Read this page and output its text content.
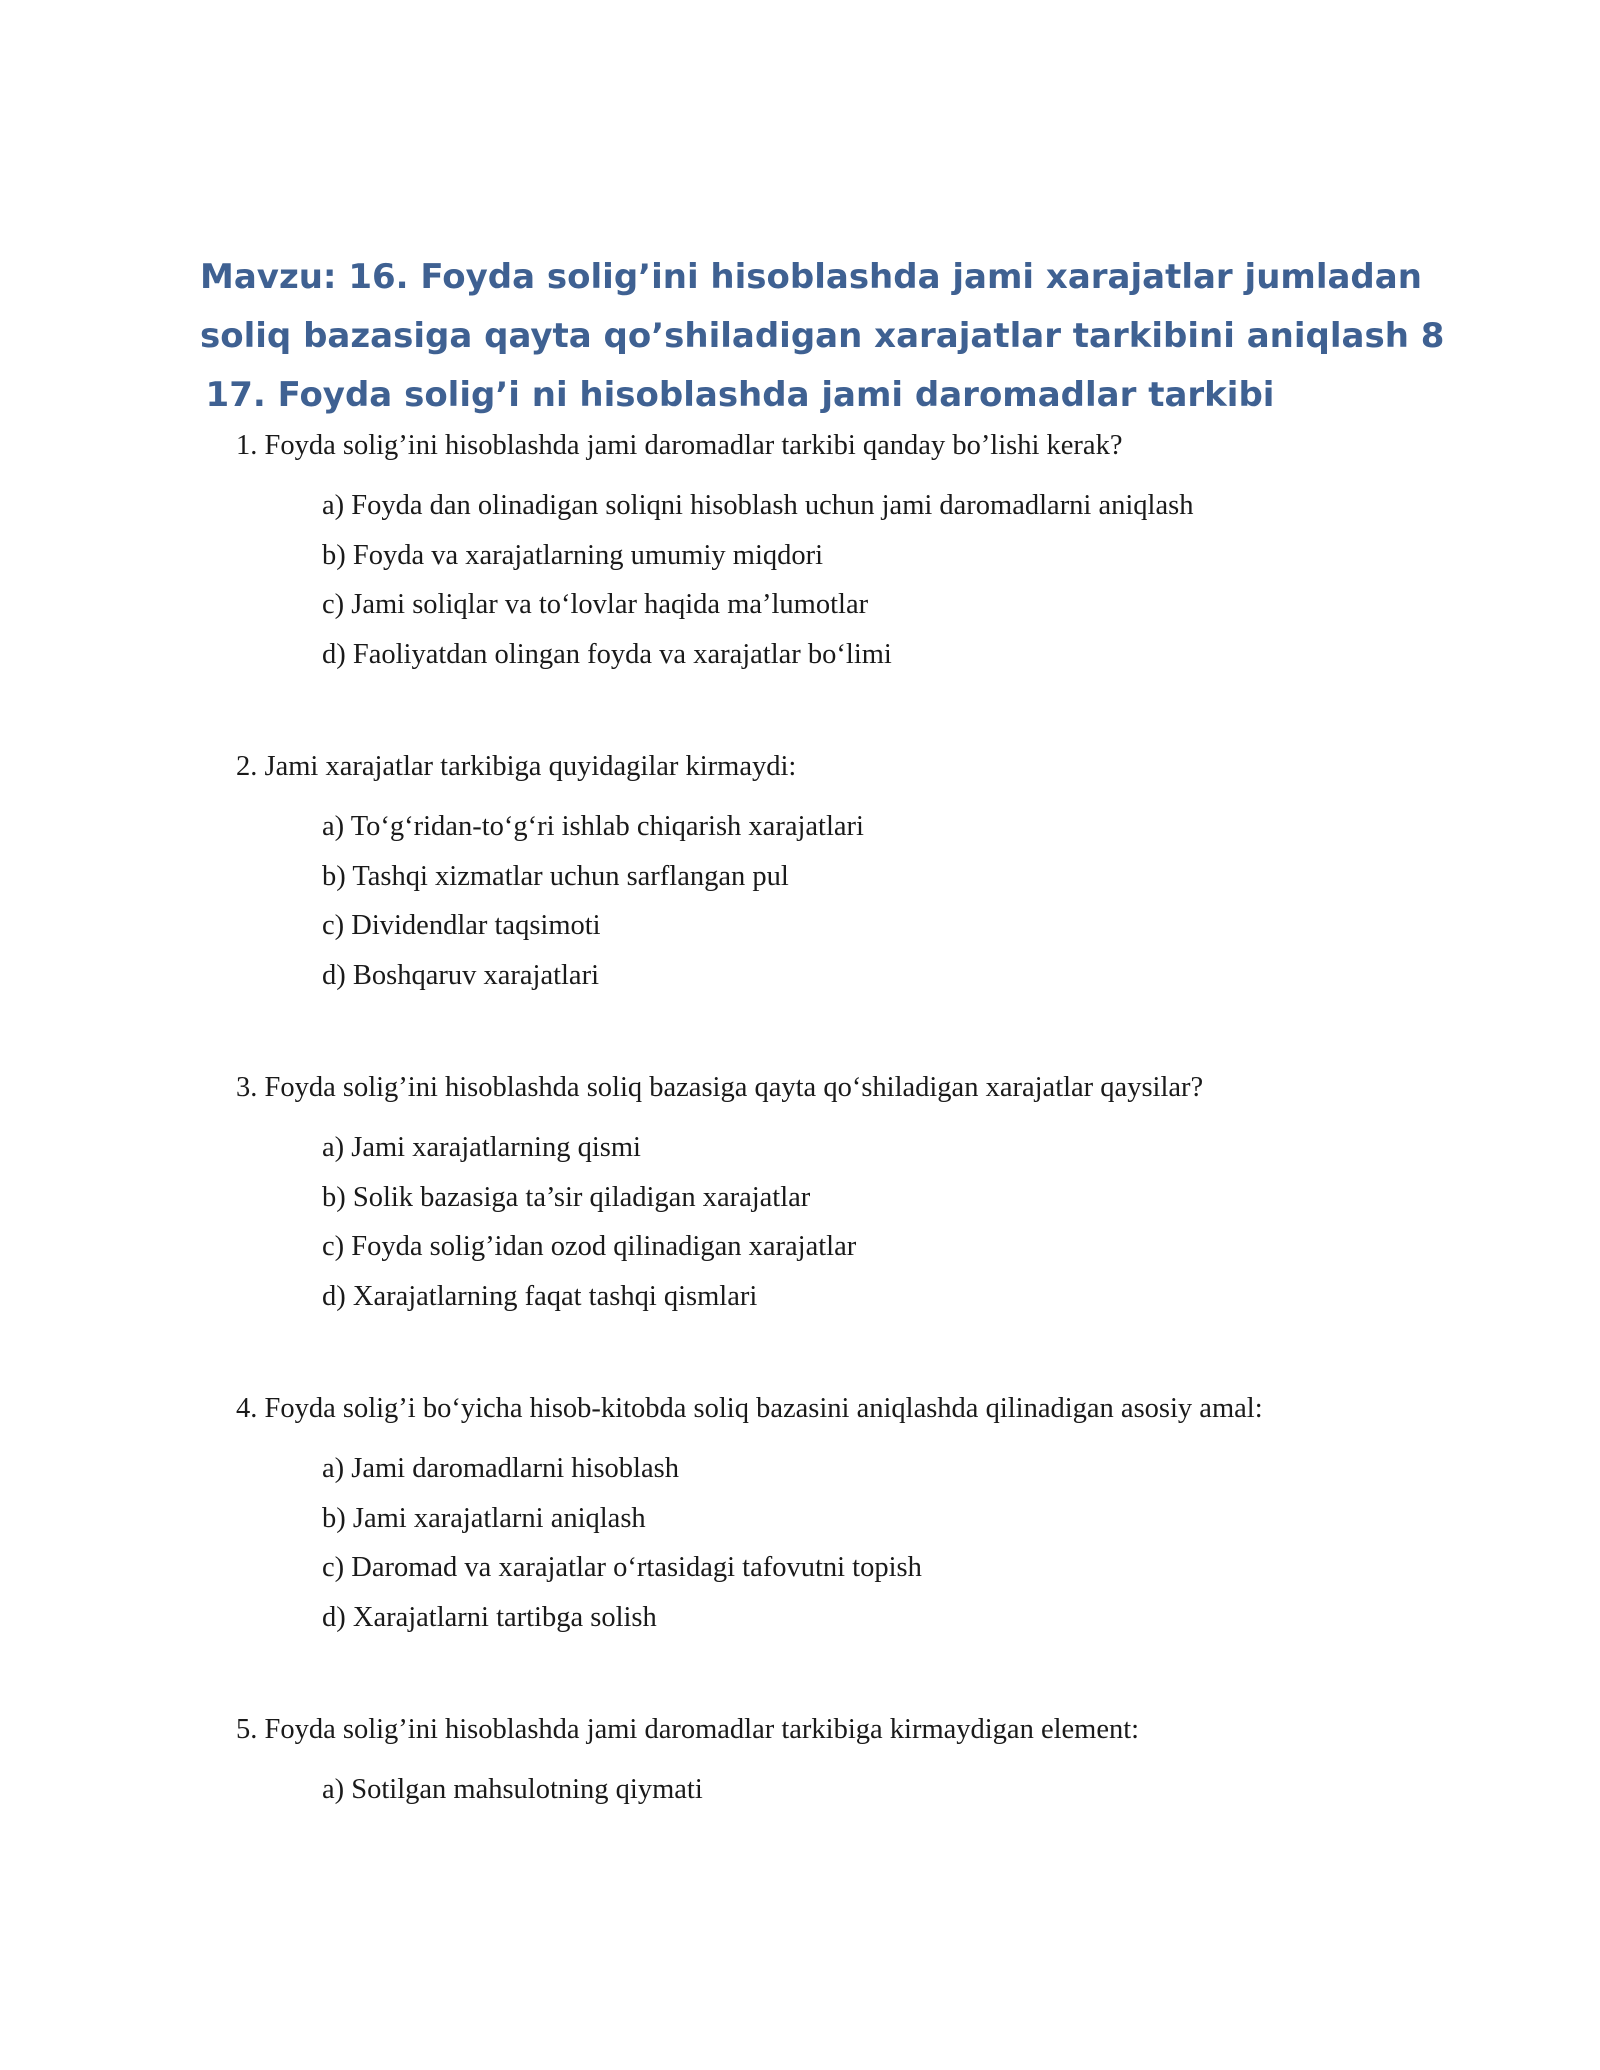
Mavzu: 16. Foyda solig’ini hisoblashda jami xarajatlar jumladan
soliq bazasiga qayta qo’shiladigan xarajatlar tarkibini aniqlash 8
17. Foyda solig’i ni hisoblashda jami daromadlar tarkibi

1. Foyda solig’ini hisoblashda jami daromadlar tarkibi qanday bo’lishi kerak?

a) Foyda dan olinadigan soliqni hisoblash uchun jami daromadlarni aniqlash
b) Foyda va xarajatlarning umumiy miqdori
c) Jami soliqlar va to‘lovlar haqida ma’lumotlar
d) Faoliyatdan olingan foyda va xarajatlar bo‘limi

2. Jami xarajatlar tarkibiga quyidagilar kirmaydi:

a) To‘g‘ridan-to‘g‘ri ishlab chiqarish xarajatlari
b) Tashqi xizmatlar uchun sarflangan pul
c) Dividendlar taqsimoti
d) Boshqaruv xarajatlari

3. Foyda solig’ini hisoblashda soliq bazasiga qayta qo‘shiladigan xarajatlar qaysilar?

a) Jami xarajatlarning qismi
b) Solik bazasiga ta’sir qiladigan xarajatlar
c) Foyda solig’idan ozod qilinadigan xarajatlar
d) Xarajatlarning faqat tashqi qismlari

4. Foyda solig’i bo‘yicha hisob-kitobda soliq bazasini aniqlashda qilinadigan asosiy amal:

a) Jami daromadlarni hisoblash
b) Jami xarajatlarni aniqlash
c) Daromad va xarajatlar o‘rtasidagi tafovutni topish
d) Xarajatlarni tartibga solish

5. Foyda solig’ini hisoblashda jami daromadlar tarkibiga kirmaydigan element:

a) Sotilgan mahsulotning qiymati
